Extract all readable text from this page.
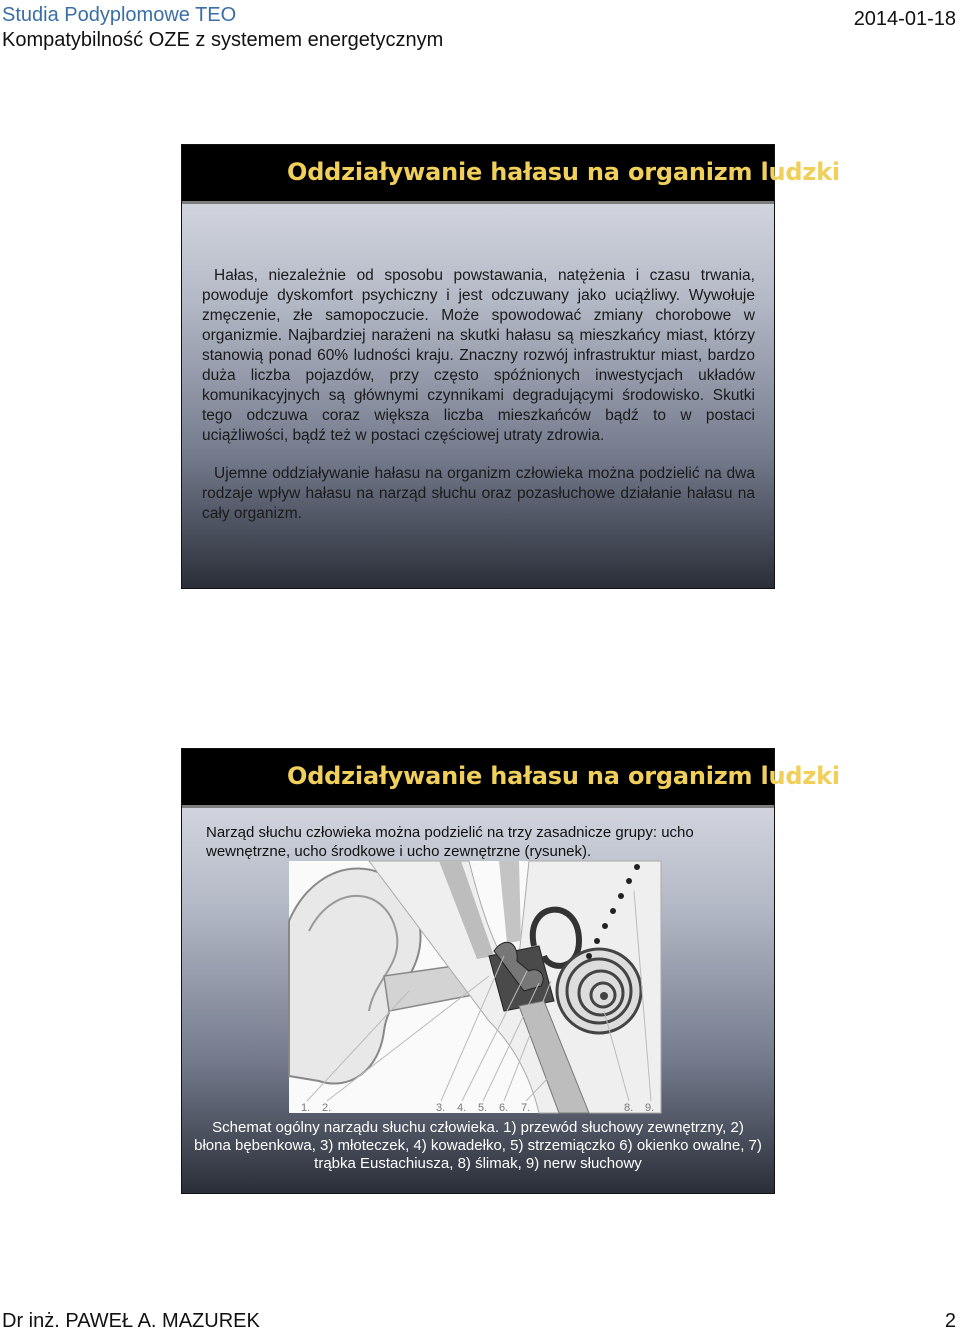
Studia Podyplomowe TEO
Kompatybilność OZE z systemem energetycznym
2014-01-18
Oddziaływanie hałasu na organizm ludzki
Hałas, niezależnie od sposobu powstawania, natężenia i czasu trwania, powoduje dyskomfort psychiczny i jest odczuwany jako uciążliwy. Wywołuje zmęczenie, złe samopoczucie. Może spowodować zmiany chorobowe w organizmie. Najbardziej narażeni na skutki hałasu są mieszkańcy miast, którzy stanowią ponad 60% ludności kraju. Znaczny rozwój infrastruktur miast, bardzo duża liczba pojazdów, przy często spóźnionych inwestycjach układów komunikacyjnych są głównymi czynnikami degradującymi środowisko. Skutki tego odczuwa coraz większa liczba mieszkańców bądź to w postaci uciążliwości, bądź też w postaci częściowej utraty zdrowia.
Ujemne oddziaływanie hałasu na organizm człowieka można podzielić na dwa rodzaje wpływ hałasu na narząd słuchu oraz pozasłuchowe działanie hałasu na cały organizm.
Oddziaływanie hałasu na organizm ludzki
Narząd słuchu człowieka można podzielić na trzy zasadnicze grupy: ucho wewnętrzne, ucho środkowe i ucho zewnętrzne (rysunek).
1. 2.	3. 4. 5. 6. 7.	8. 9.
Schemat ogólny narządu słuchu człowieka. 1) przewód słuchowy zewnętrzny, 2) błona bębenkowa, 3) młoteczek, 4) kowadełko, 5) strzemiączko 6) okienko owalne, 7) trąbka Eustachiusza, 8) ślimak, 9) nerw słuchowy
Dr inż. PAWEŁ A. MAZUREK	2
